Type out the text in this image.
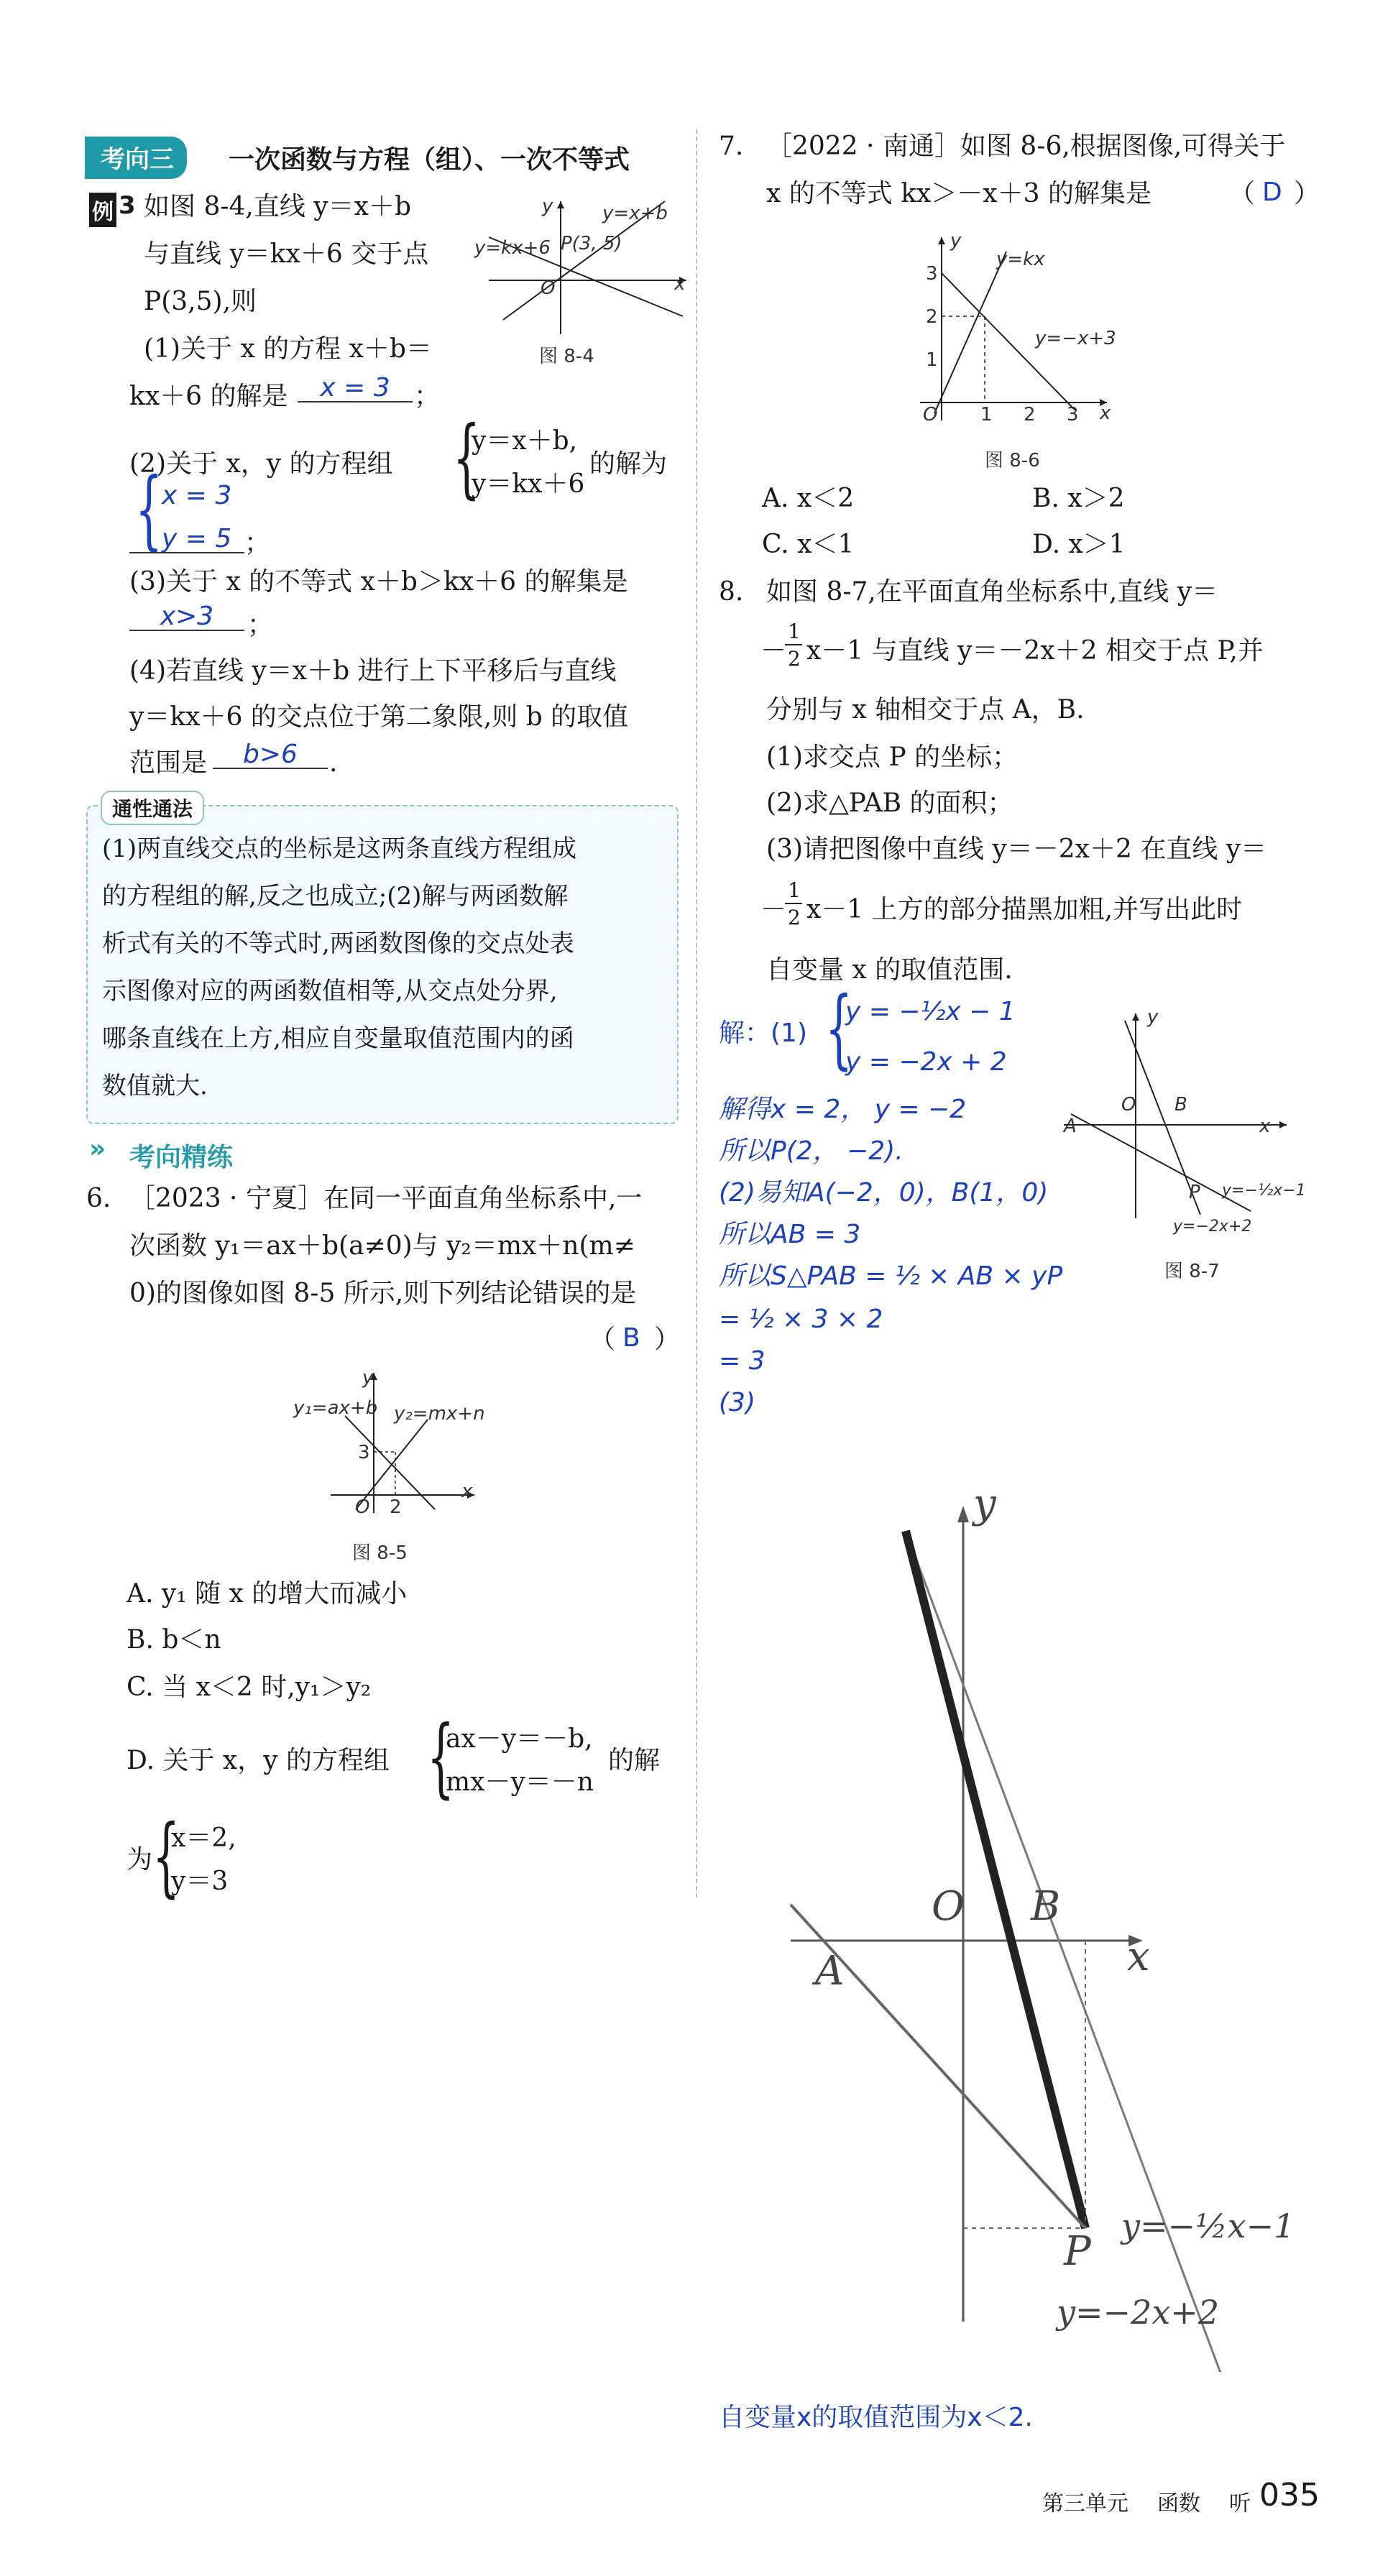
考向三	一次函数与方程（组）、一次不等式
例 3 如图 8-4,直线 y＝x＋b
与直线 y＝kx＋6 交于点
P(3,5),则
(1)关于 x 的方程 x＋b＝
kx＋6 的解是	x = 3 ；
y=x+b
y=kx+6 P(3, 5)
x
y
O
图 8-4
(2)关于 x，y 的方程组 {
y＝x＋b,
y＝kx＋6
的解为
{
x = 3
y = 5 ；
(3)关于 x 的不等式 x＋b＞kx＋6 的解集是
x>3	；
(4)若直线 y＝x＋b 进行上下平移后与直线
y＝kx＋6 的交点位于第二象限,则 b 的取值
范围是	b>6	.
通性通法
(1)两直线交点的坐标是这两条直线方程组成
的方程组的解,反之也成立;(2)解与两函数解
析式有关的不等式时,两函数图像的交点处表
示图像对应的两函数值相等,从交点处分界,
哪条直线在上方,相应自变量取值范围内的函
数值就大.
» 考向精练
6. ［2023 · 宁夏］在同一平面直角坐标系中,一
次函数 y₁＝ax＋b(a≠0)与 y₂＝mx＋n(m≠
0)的图像如图 8-5 所示,则下列结论错误的是
（ B ）
y₁=ax+b y₂=mx+n
3
2
O
x
y
图 8-5
A. y₁ 随 x 的增大而减小
B. b＜n
C. 当 x＜2 时,y₁＞y₂
D. 关于 x，y 的方程组 {
ax－y＝－b,
mx－y＝－n
的解
为 {
x＝2,
y＝3
7. ［2022 · 南通］如图 8-6,根据图像,可得关于
x 的不等式 kx＞－x＋3 的解集是	（ D ）
3
2
1
1 2 3
O	x
y
y=kx
y=−x+3
图 8-6
A. x＜2	B. x＞2
C. x＜1	D. x＞1
8. 如图 8-7,在平面直角坐标系中,直线 y＝
－
1
2 x－1 与直线 y＝－2x＋2 相交于点 P,并
分别与 x 轴相交于点 A，B.
(1)求交点 P 的坐标；
(2)求△PAB 的面积；
(3)请把图像中直线 y＝－2x＋2 在直线 y＝
－
1
2 x－1 上方的部分描黑加粗,并写出此时
自变量 x 的取值范围.
解：(1) {
y = −½x − 1
y = −2x + 2
解得x = 2， y = −2
所以P(2， −2).
(2)易知A(−2，0)，B(1，0)
所以AB = 3
所以S△PAB = ½ × AB × yP
= ½ × 3 × 2
= 3
(3)
O B
A
P
x
y
y=−½x−1
y=−2x+2
图 8-7
O B
A
P
x
y
y=−½x−1
y=−2x+2
自变量x的取值范围为x＜2.
第三单元 函数 听 035
